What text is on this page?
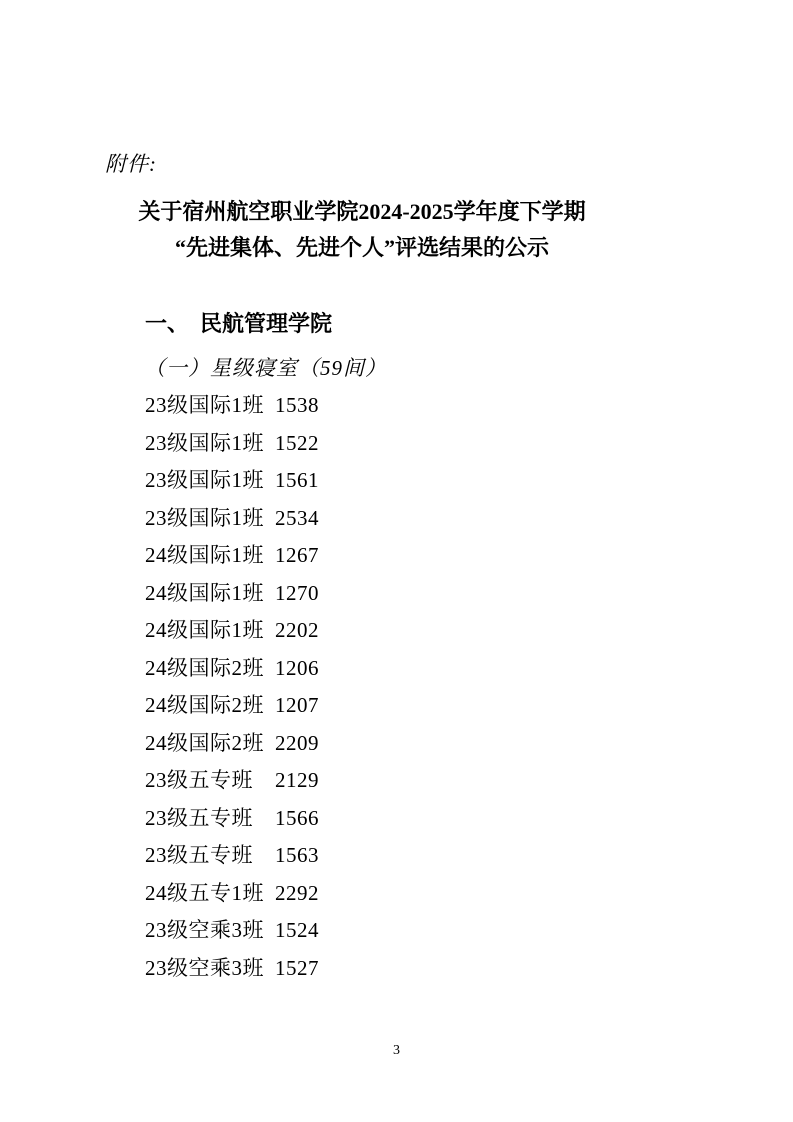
附件:
关于宿州航空职业学院2024-2025学年度下学期
“先进集体、先进个人”评选结果的公示
一、 民航管理学院
（一）星级寝室（59间）
23级国际1班 1538
23级国际1班 1522
23级国际1班 1561
23级国际1班 2534
24级国际1班 1267
24级国际1班 1270
24级国际1班 2202
24级国际2班 1206
24级国际2班 1207
24级国际2班 2209
23级五专班	2129
23级五专班	1566
23级五专班	1563
24级五专1班 2292
23级空乘3班 1524
23级空乘3班 1527
3
